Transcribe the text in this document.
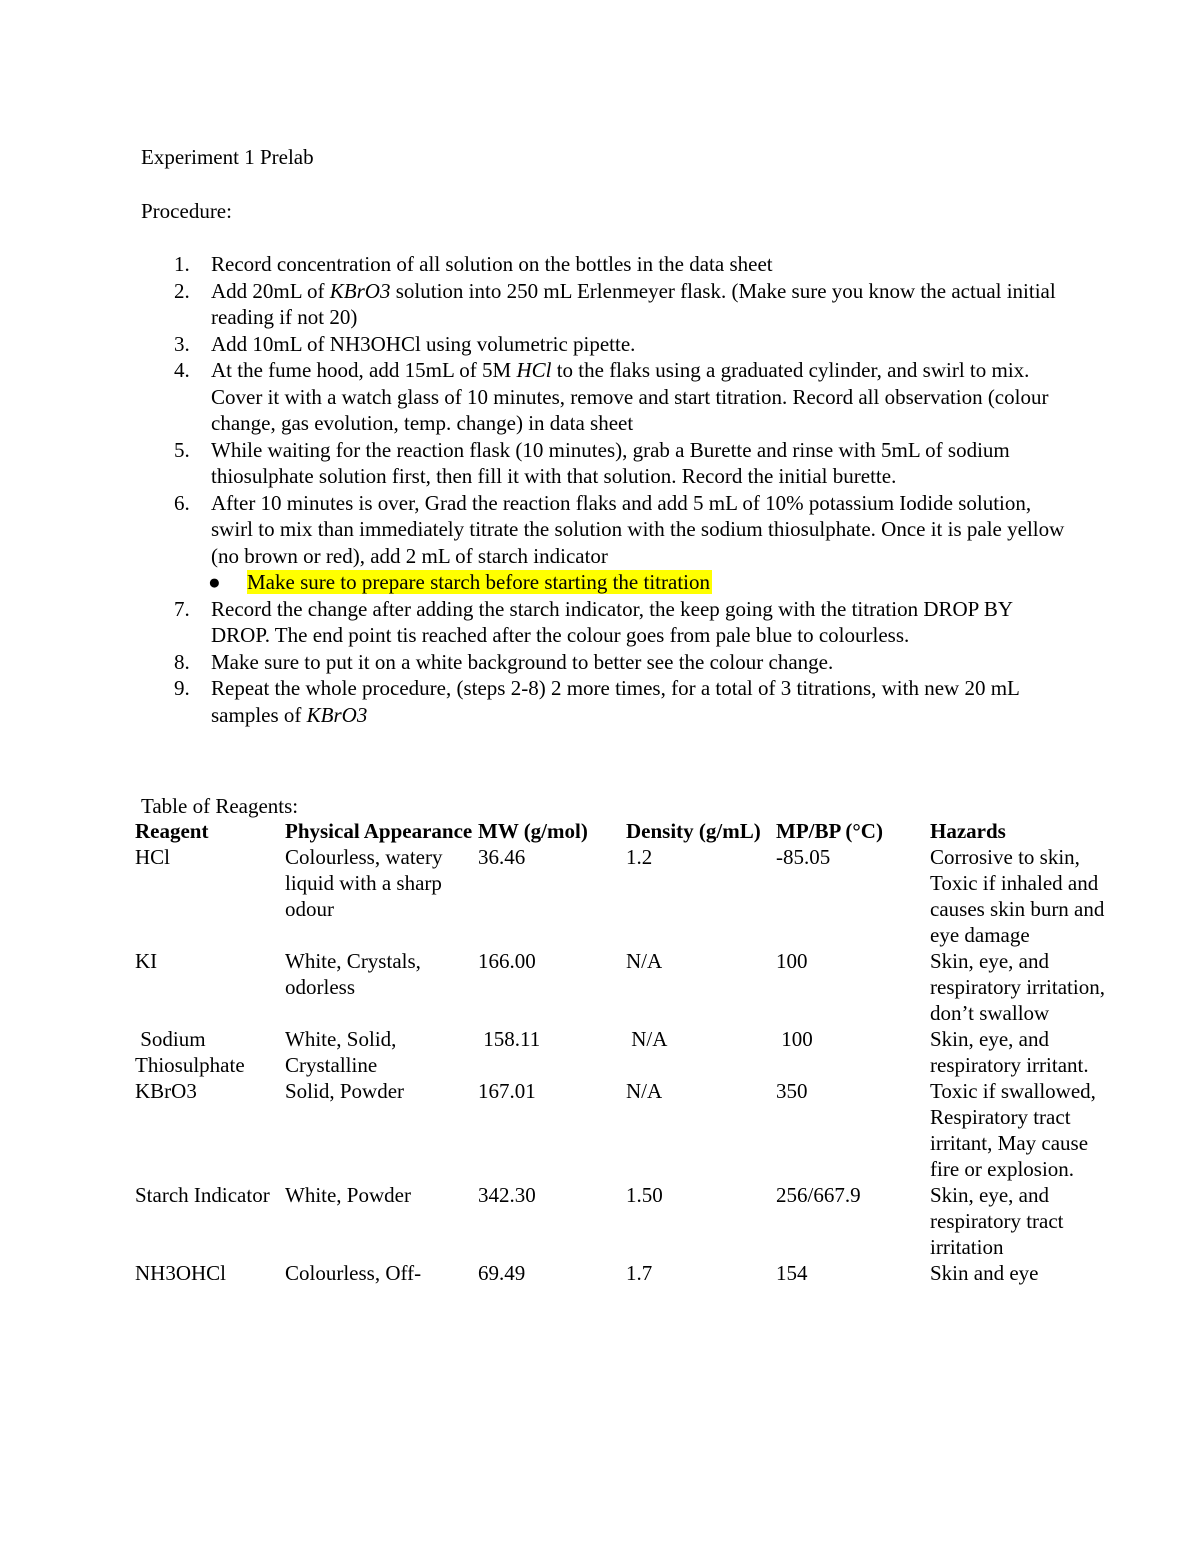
Experiment 1 Prelab
Procedure:
1. Record concentration of all solution on the bottles in the data sheet
2. Add 20mL of KBrO3 solution into 250 mL Erlenmeyer flask. (Make sure you know the actual initial reading if not 20)
3. Add 10mL of NH3OHCl using volumetric pipette.
4. At the fume hood, add 15mL of 5M HCl to the flaks using a graduated cylinder, and swirl to mix. Cover it with a watch glass of 10 minutes, remove and start titration. Record all observation (colour change, gas evolution, temp. change) in data sheet
5. While waiting for the reaction flask (10 minutes), grab a Burette and rinse with 5mL of sodium thiosulphate solution first, then fill it with that solution. Record the initial burette.
6. After 10 minutes is over, Grad the reaction flaks and add 5 mL of 10% potassium Iodide solution, swirl to mix than immediately titrate the solution with the sodium thiosulphate. Once it is pale yellow (no brown or red), add 2 mL of starch indicator
● Make sure to prepare starch before starting the titration
7. Record the change after adding the starch indicator, the keep going with the titration DROP BY DROP. The end point tis reached after the colour goes from pale blue to colourless.
8. Make sure to put it on a white background to better see the colour change.
9. Repeat the whole procedure, (steps 2-8) 2 more times, for a total of 3 titrations, with new 20 mL samples of KBrO3
Table of Reagents:
Reagent	Physical Appearance	MW (g/mol)	Density (g/mL)	MP/BP (°C)	Hazards
HCl	Colourless, watery liquid with a sharp odour	36.46	1.2	-85.05	Corrosive to skin, Toxic if inhaled and causes skin burn and eye damage
KI	White, Crystals, odorless	166.00	N/A	100	Skin, eye, and respiratory irritation, don’t swallow
Sodium Thiosulphate	White, Solid, Crystalline	158.11	N/A	100	Skin, eye, and respiratory irritant.
KBrO3	Solid, Powder	167.01	N/A	350	Toxic if swallowed, Respiratory tract irritant, May cause fire or explosion.
Starch Indicator	White, Powder	342.30	1.50	256/667.9	Skin, eye, and respiratory tract irritation
NH3OHCl	Colourless, Off-	69.49	1.7	154	Skin and eye
